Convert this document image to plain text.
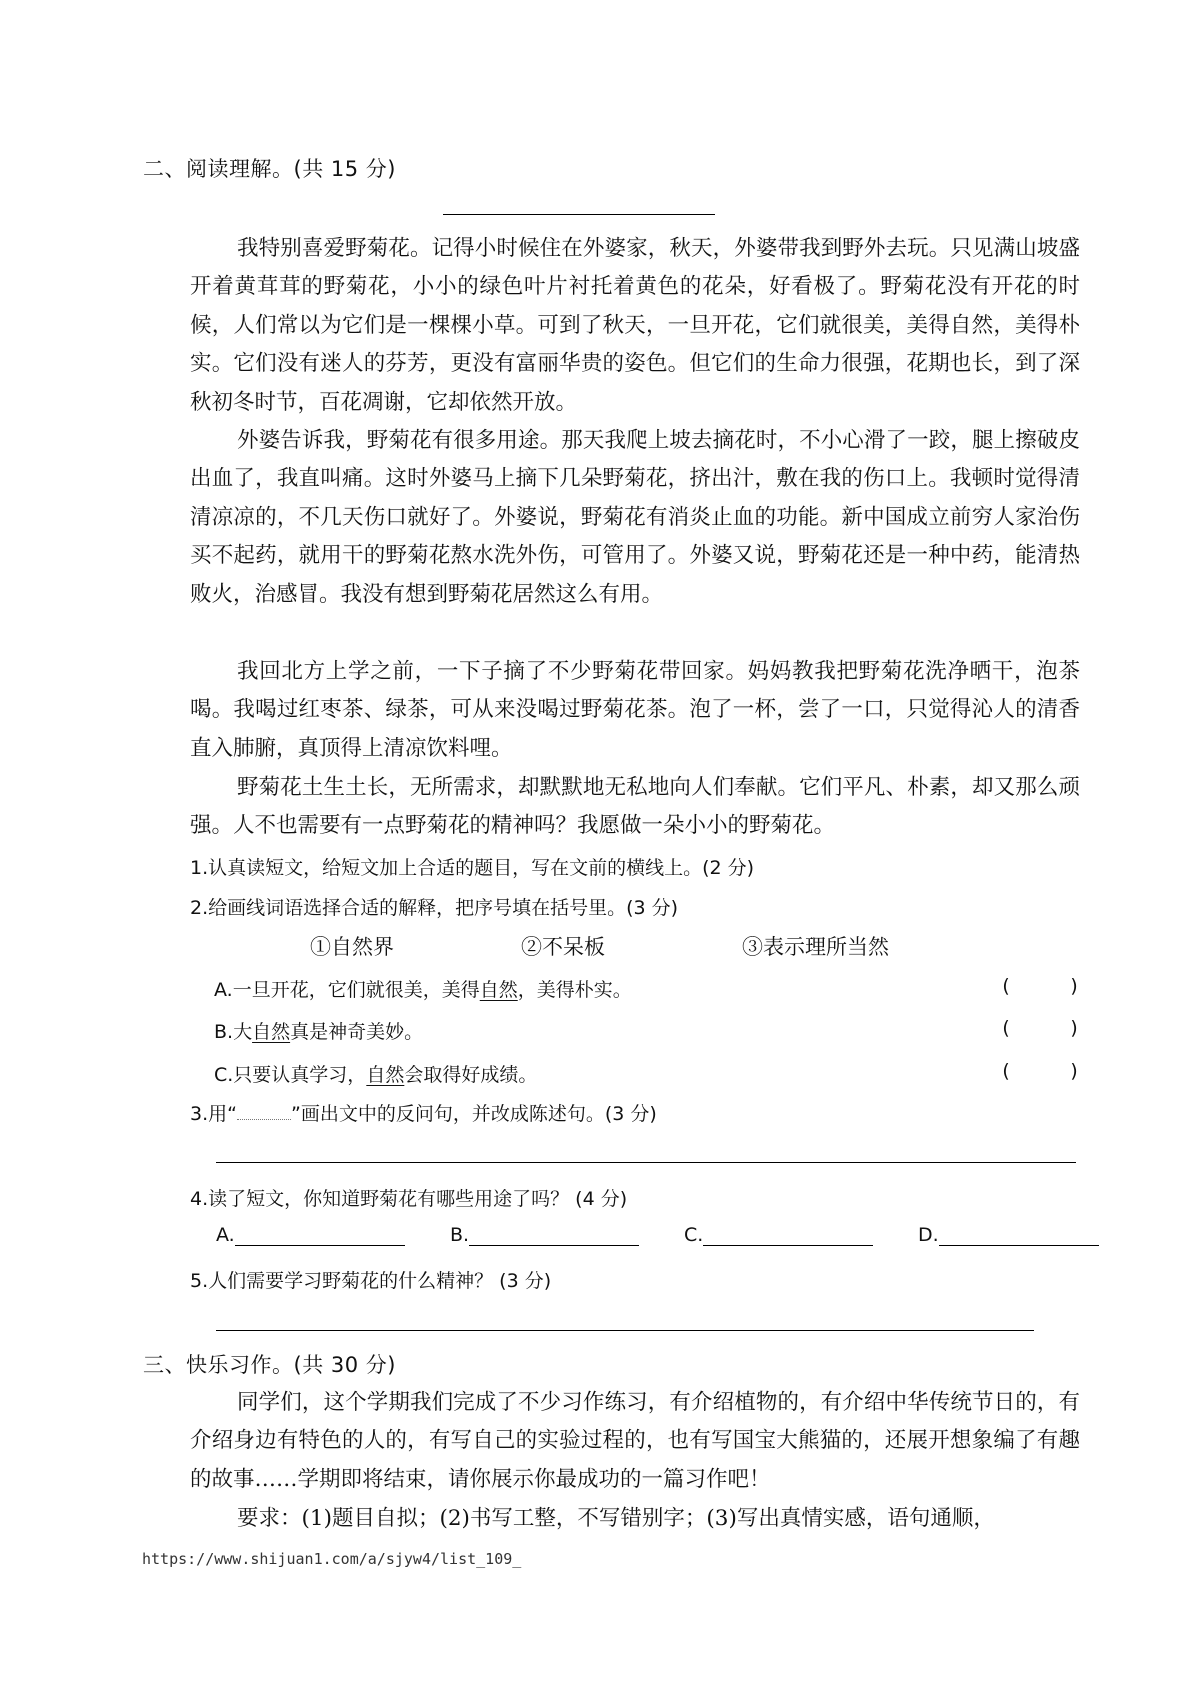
二、阅读理解。(共 15 分)

我特别喜爱野菊花。记得小时候住在外婆家，秋天，外婆带我到野外去玩。只见满山坡盛开着黄茸茸的野菊花，小小的绿色叶片衬托着黄色的花朵，好看极了。野菊花没有开花的时候，人们常以为它们是一棵棵小草。可到了秋天，一旦开花，它们就很美，美得自然，美得朴实。它们没有迷人的芬芳，更没有富丽华贵的姿色。但它们的生命力很强，花期也长，到了深秋初冬时节，百花凋谢，它却依然开放。

外婆告诉我，野菊花有很多用途。那天我爬上坡去摘花时，不小心滑了一跤，腿上擦破皮出血了，我直叫痛。这时外婆马上摘下几朵野菊花，挤出汁，敷在我的伤口上。我顿时觉得清清凉凉的，不几天伤口就好了。外婆说，野菊花有消炎止血的功能。新中国成立前穷人家治伤买不起药，就用干的野菊花熬水洗外伤，可管用了。外婆又说，野菊花还是一种中药，能清热败火，治感冒。我没有想到野菊花居然这么有用。

我回北方上学之前，一下子摘了不少野菊花带回家。妈妈教我把野菊花洗净晒干，泡茶喝。我喝过红枣茶、绿茶，可从来没喝过野菊花茶。泡了一杯，尝了一口，只觉得沁人的清香直入肺腑，真顶得上清凉饮料哩。

野菊花土生土长，无所需求，却默默地无私地向人们奉献。它们平凡、朴素，却又那么顽强。人不也需要有一点野菊花的精神吗？我愿做一朵小小的野菊花。

1.认真读短文，给短文加上合适的题目，写在文前的横线上。(2 分)
2.给画线词语选择合适的解释，把序号填在括号里。(3 分)
①自然界	②不呆板	③表示理所当然
A.一旦开花，它们就很美，美得自然，美得朴实。	(     )
B.大自然真是神奇美妙。	(     )
C.只要认真学习，自然会取得好成绩。	(     )
3.用“	”画出文中的反问句，并改成陈述句。(3 分)
4.读了短文，你知道野菊花有哪些用途了吗？ (4 分)
A.	B.	C.	D.
5.人们需要学习野菊花的什么精神？ (3 分)
三、快乐习作。(共 30 分)

同学们，这个学期我们完成了不少习作练习，有介绍植物的，有介绍中华传统节日的，有介绍身边有特色的人的，有写自己的实验过程的，也有写国宝大熊猫的，还展开想象编了有趣的故事……学期即将结束，请你展示你最成功的一篇习作吧！

要求：(1)题目自拟；(2)书写工整，不写错别字；(3)写出真情实感，语句通顺，

https://www.shijuan1.com/a/sjyw4/list_109_
